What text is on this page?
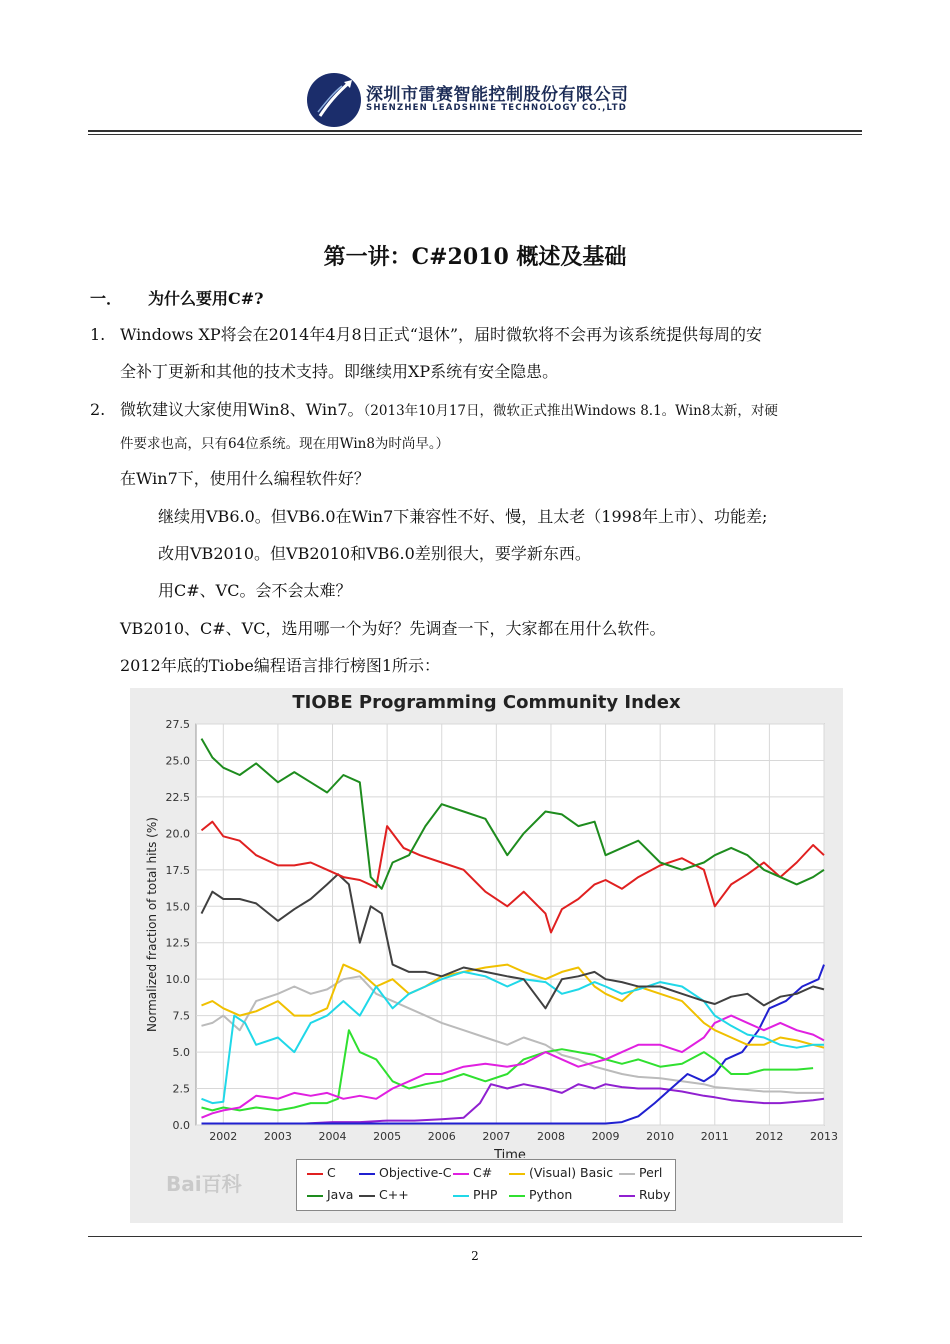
深圳市雷赛智能控制股份有限公司
SHENZHEN LEADSHINE TECHNOLOGY CO.,LTD
第一讲：C#2010 概述及基础
一． 为什么要用C#?
1. Windows XP将会在2014年4月8日正式“退休”，届时微软将不会再为该系统提供每周的安
全补丁更新和其他的技术支持。即继续用XP系统有安全隐患。
2. 微软建议大家使用Win8、Win7。（2013年10月17日，微软正式推出Windows 8.1。Win8太新，对硬
件要求也高，只有64位系统。现在用Win8为时尚早。）
在Win7下，使用什么编程软件好？
继续用VB6.0。但VB6.0在Win7下兼容性不好、慢，且太老（1998年上市）、功能差;
改用VB2010。但VB2010和VB6.0差别很大，要学新东西。
用C#、VC。会不会太难？
VB2010、C#、VC，选用哪一个为好？先调查一下，大家都在用什么软件。
2012年底的Tiobe编程语言排行榜图1所示：
TIOBE Programming Community Index
0.0
2.5
5.0
7.5
10.0
12.5
15.0
17.5
20.0
22.5
25.0
27.5
2002 2003 2004 2005 2006 2007 2008 2009 2010 2011 2012 2013
Time
Normalized fraction of total hits (%)
Bai百科	C	Objective-C	C#	(Visual) Basic	Perl
Java	C++	PHP	Python	Ruby
2
